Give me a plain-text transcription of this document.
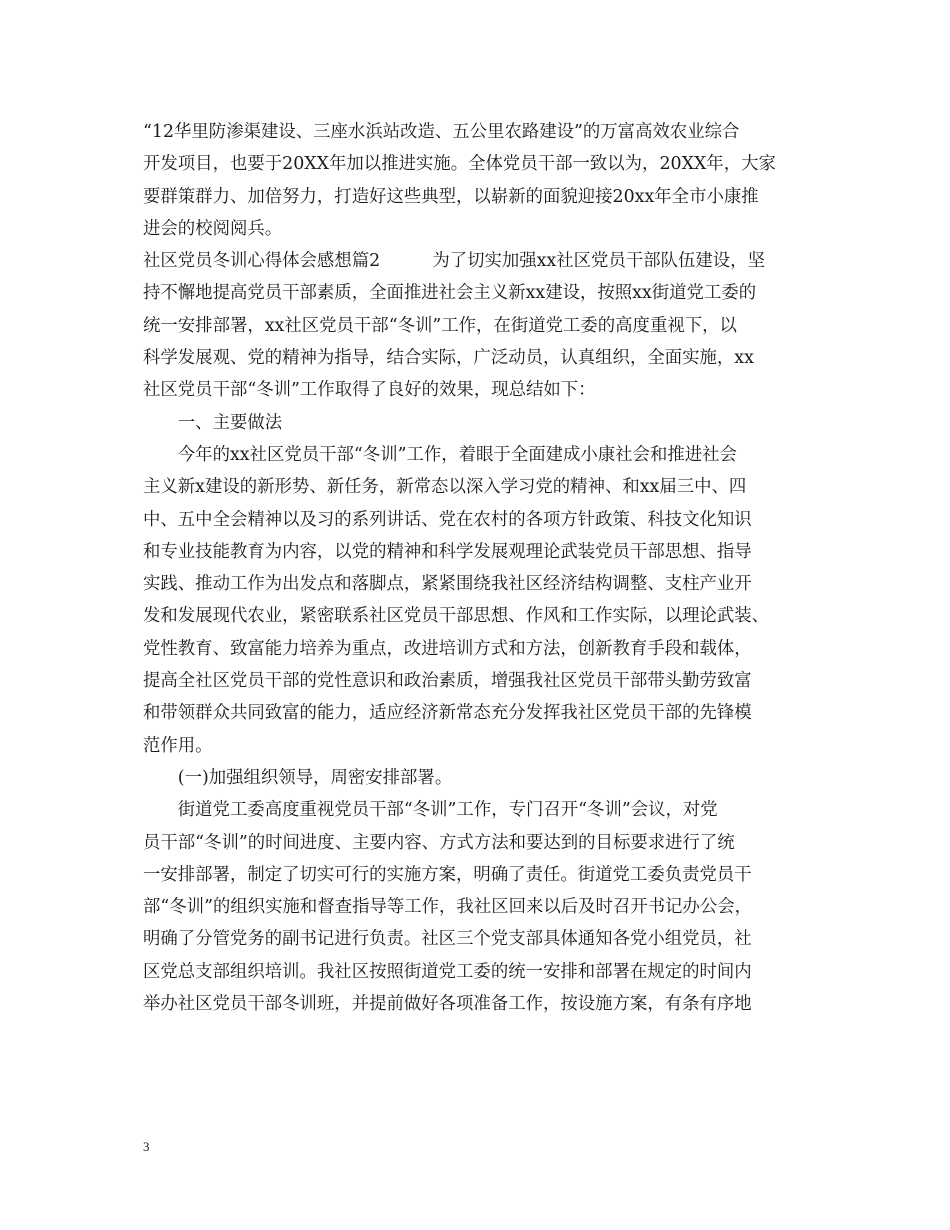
“12华里防渗渠建设、三座水浜站改造、五公里农路建设”的万富高效农业综合
开发项目，也要于20XX年加以推进实施。全体党员干部一致以为，20XX年，大家
要群策群力、加倍努力，打造好这些典型，以崭新的面貌迎接20xx年全市小康推
进会的校阅阅兵。
社区党员冬训心得体会感想篇2　　　为了切实加强xx社区党员干部队伍建设，坚
持不懈地提高党员干部素质，全面推进社会主义新xx建设，按照xx街道党工委的
统一安排部署，xx社区党员干部“冬训”工作，在街道党工委的高度重视下，以
科学发展观、党的精神为指导，结合实际，广泛动员，认真组织，全面实施，xx
社区党员干部“冬训”工作取得了良好的效果，现总结如下：
　　一、主要做法
　　今年的xx社区党员干部“冬训”工作，着眼于全面建成小康社会和推进社会
主义新x建设的新形势、新任务，新常态以深入学习党的精神、和xx届三中、四
中、五中全会精神以及习的系列讲话、党在农村的各项方针政策、科技文化知识
和专业技能教育为内容，以党的精神和科学发展观理论武装党员干部思想、指导
实践、推动工作为出发点和落脚点，紧紧围绕我社区经济结构调整、支柱产业开
发和发展现代农业，紧密联系社区党员干部思想、作风和工作实际，以理论武装、
党性教育、致富能力培养为重点，改进培训方式和方法，创新教育手段和载体，
提高全社区党员干部的党性意识和政治素质，增强我社区党员干部带头勤劳致富
和带领群众共同致富的能力，适应经济新常态充分发挥我社区党员干部的先锋模
范作用。
　　(一)加强组织领导，周密安排部署。
　　街道党工委高度重视党员干部“冬训”工作，专门召开“冬训”会议，对党
员干部“冬训”的时间进度、主要内容、方式方法和要达到的目标要求进行了统
一安排部署，制定了切实可行的实施方案，明确了责任。街道党工委负责党员干
部“冬训”的组织实施和督查指导等工作，我社区回来以后及时召开书记办公会，
明确了分管党务的副书记进行负责。社区三个党支部具体通知各党小组党员，社
区党总支部组织培训。我社区按照街道党工委的统一安排和部署在规定的时间内
举办社区党员干部冬训班，并提前做好各项准备工作，按设施方案，有条有序地
3
